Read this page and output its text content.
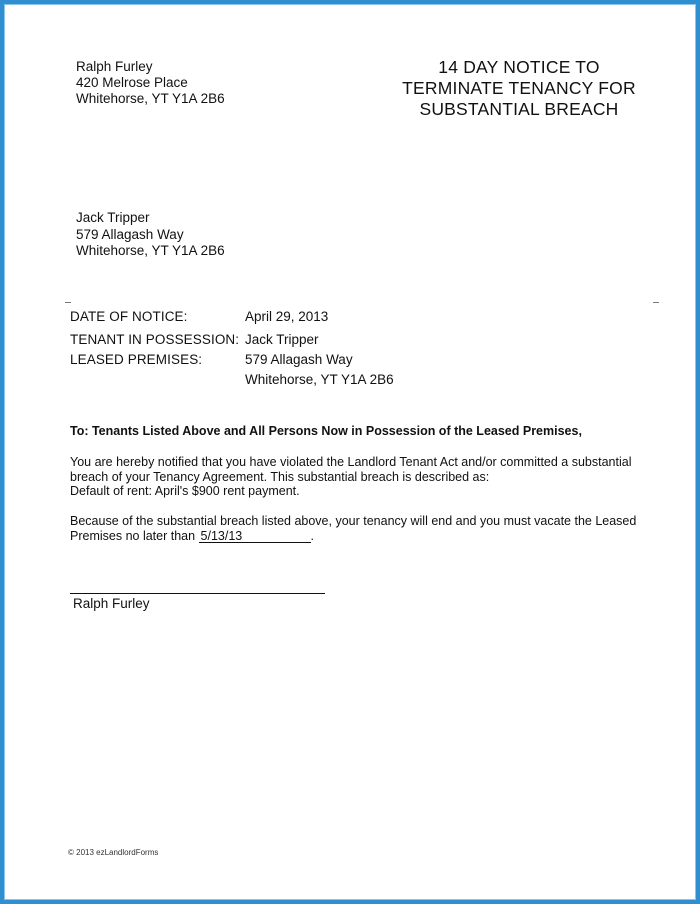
Ralph Furley
420 Melrose Place
Whitehorse, YT Y1A 2B6
14 DAY NOTICE TO
TERMINATE TENANCY FOR
SUBSTANTIAL BREACH
Jack Tripper
579 Allagash Way
Whitehorse, YT Y1A 2B6
DATE OF NOTICE:	April 29, 2013
TENANT IN POSSESSION: Jack Tripper
LEASED PREMISES:	579 Allagash Way
Whitehorse, YT Y1A 2B6
To: Tenants Listed Above and All Persons Now in Possession of the Leased Premises,
You are hereby notified that you have violated the Landlord Tenant Act and/or committed a substantial
breach of your Tenancy Agreement. This substantial breach is described as:
Default of rent: April's $900 rent payment.
Because of the substantial breach listed above, your tenancy will end and you must vacate the Leased
Premises no later than 5/13/13	.
Ralph Furley
© 2013 ezLandlordForms
